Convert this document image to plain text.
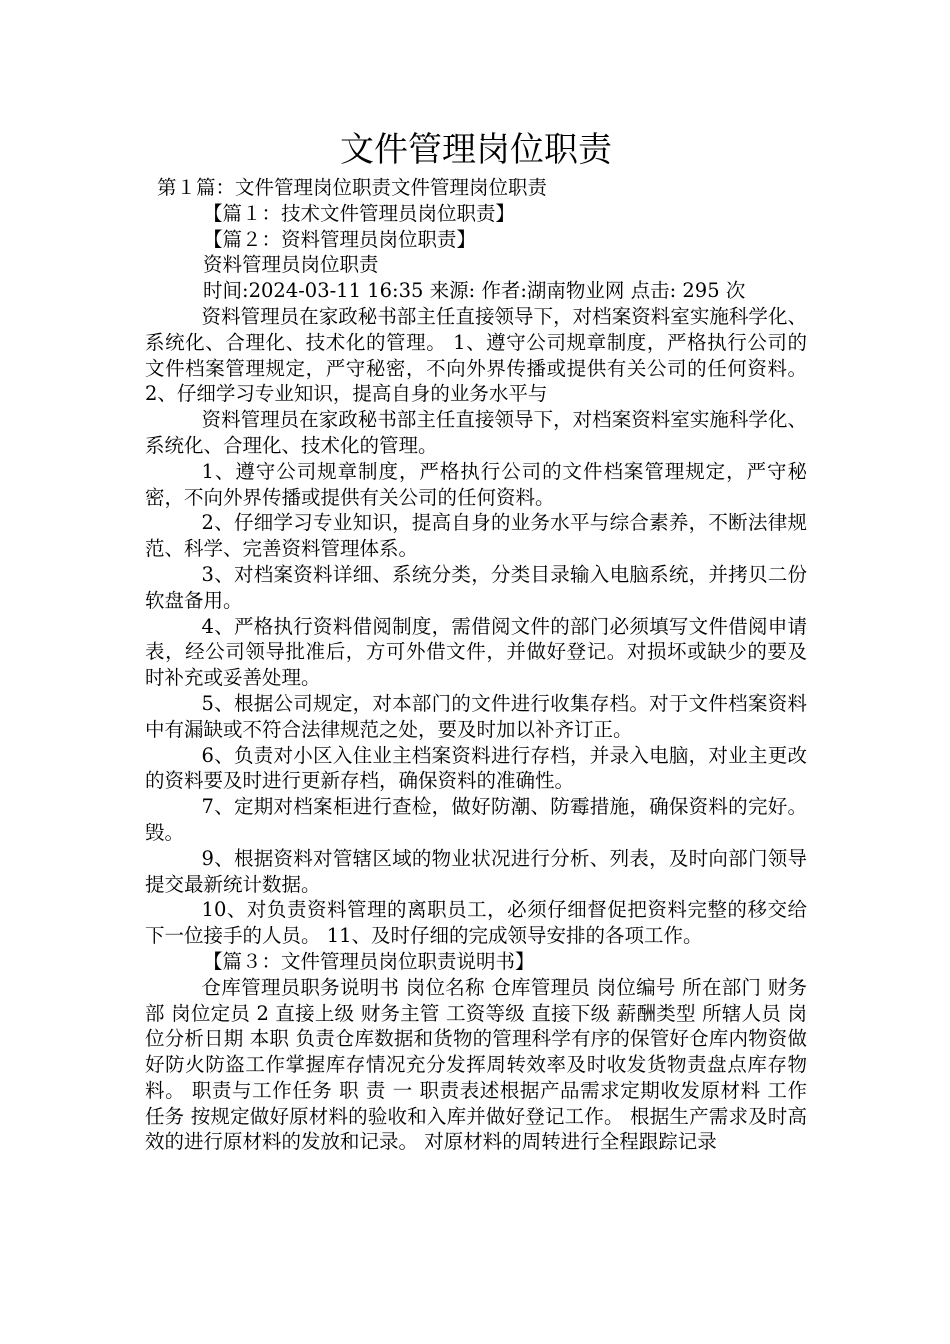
文件管理岗位职责
第１篇：文件管理岗位职责文件管理岗位职责
【篇１：技术文件管理员岗位职责】
【篇２：资料管理员岗位职责】
资料管理员岗位职责
时间:2024-03-11 16:35 来源: 作者:湖南物业网 点击: 295 次

资料管理员在家政秘书部主任直接领导下，对档案资料室实施科学化、系统化、合理化、技术化的管理。 1、遵守公司规章制度，严格执行公司的文件档案管理规定，严守秘密，不向外界传播或提供有关公司的任何资料。 2、仔细学习专业知识，提高自身的业务水平与

资料管理员在家政秘书部主任直接领导下，对档案资料室实施科学化、系统化、合理化、技术化的管理。

1、遵守公司规章制度，严格执行公司的文件档案管理规定，严守秘密，不向外界传播或提供有关公司的任何资料。

2、仔细学习专业知识，提高自身的业务水平与综合素养，不断法律规范、科学、完善资料管理体系。

3、对档案资料详细、系统分类，分类目录输入电脑系统，并拷贝二份软盘备用。

4、严格执行资料借阅制度，需借阅文件的部门必须填写文件借阅申请表，经公司领导批准后，方可外借文件，并做好登记。对损坏或缺少的要及时补充或妥善处理。

5、根据公司规定，对本部门的文件进行收集存档。对于文件档案资料中有漏缺或不符合法律规范之处，要及时加以补齐订正。

6、负责对小区入住业主档案资料进行存档，并录入电脑，对业主更改的资料要及时进行更新存档，确保资料的准确性。

7、定期对档案柜进行查检，做好防潮、防霉措施，确保资料的完好。 毁。

9、根据资料对管辖区域的物业状况进行分析、列表，及时向部门领导提交最新统计数据。

10、对负责资料管理的离职员工，必须仔细督促把资料完整的移交给下一位接手的人员。 11、及时仔细的完成领导安排的各项工作。

【篇３：文件管理员岗位职责说明书】

仓库管理员职务说明书 岗位名称 仓库管理员 岗位编号 所在部门 财务部 岗位定员 2 直接上级 财务主管 工资等级 直接下级 薪酬类型 所辖人员 岗位分析日期 本职 负责仓库数据和货物的管理科学有序的保管好仓库内物资做好防火防盗工作掌握库存情况充分发挥周转效率及时收发货物责盘点库存物料。 职责与工作任务 职 责 一 职责表述根据产品需求定期收发原材料 工作 任务 按规定做好原材料的验收和入库并做好登记工作。 根据生产需求及时高效的进行原材料的发放和记录。 对原材料的周转进行全程跟踪记录
